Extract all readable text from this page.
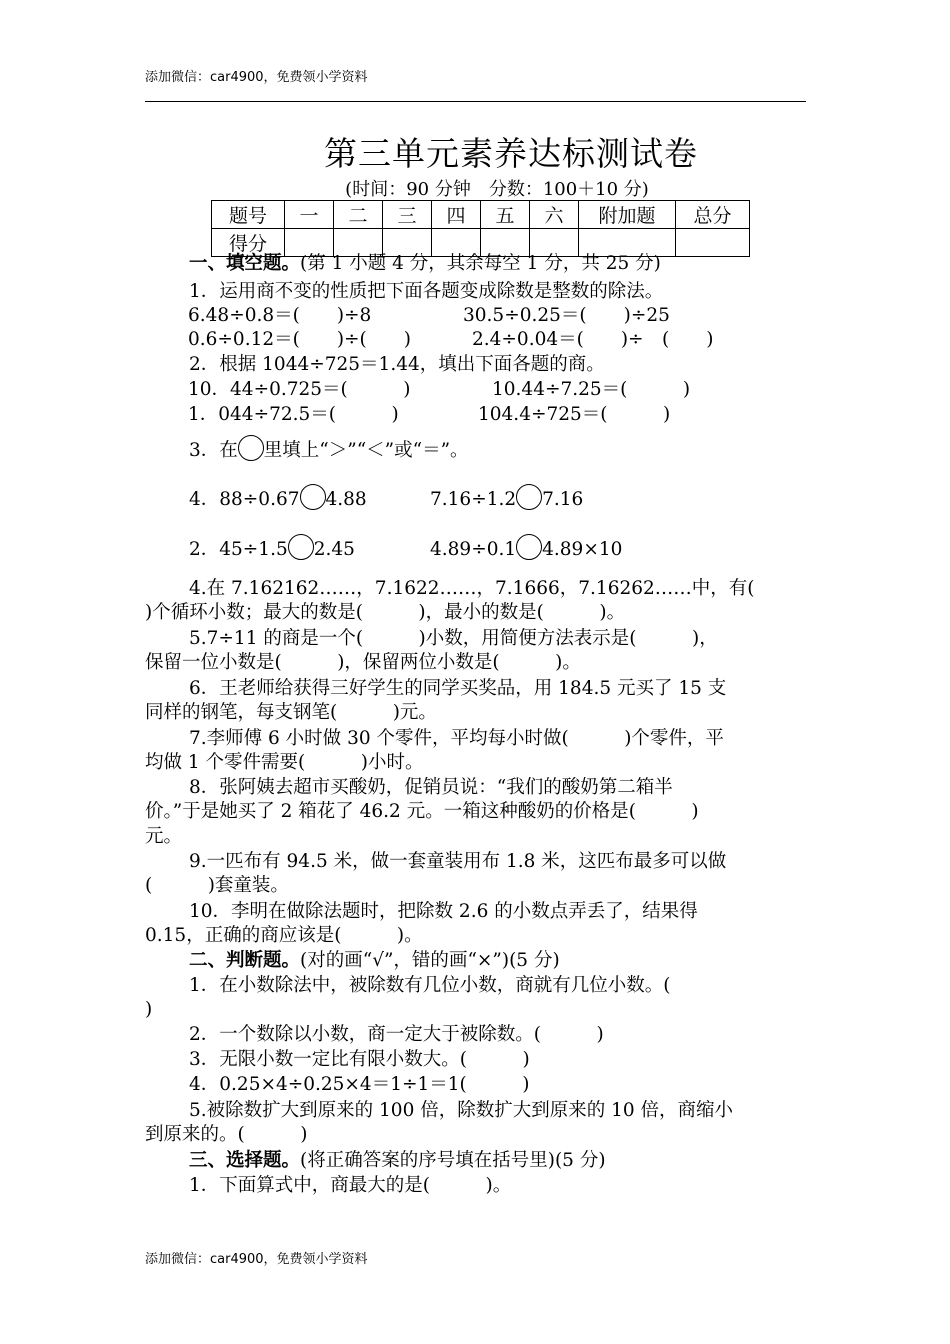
添加微信：car4900，免费领小学资料
第三单元素养达标测试卷
(时间：90 分钟　分数：100＋10 分)
题号	一	二	三	四	五	六	附加题	总分
得分								
一、填空题。(第 1 小题 4 分，其余每空 1 分，共 25 分)
1．运用商不变的性质把下面各题变成除数是整数的除法。
6.48÷0.8＝(　　)÷8	30.5÷0.25＝(　　)÷25
0.6÷0.12＝(　　)÷(　　)	2.4÷0.04＝(　　)÷　(　　)
2．根据 1044÷725＝1.44，填出下面各题的商。
10．44÷0.725＝(　　　)	10.44÷7.25＝(　　　)
1．044÷72.5＝(　　　)	104.4÷725＝(　　　)
3．在 里填上“＞”“＜”或“＝”。
4．88÷0.67 4.88	7.16÷1.2 7.16
2．45÷1.5 2.45	4.89÷0.1 4.89×10
4.在 7.162162……，7.1622……，7.1666，7.16262……中，有(
)个循环小数；最大的数是(　　　)，最小的数是(　　　)。
5.7÷11 的商是一个(　　　)小数，用简便方法表示是(　　　)，
保留一位小数是(　　　)，保留两位小数是(　　　)。
6．王老师给获得三好学生的同学买奖品，用 184.5 元买了 15 支
同样的钢笔，每支钢笔(　　　)元。
7.李师傅 6 小时做 30 个零件，平均每小时做(　　　)个零件，平
均做 1 个零件需要(　　　)小时。
8．张阿姨去超市买酸奶，促销员说：“我们的酸奶第二箱半
价。”于是她买了 2 箱花了 46.2 元。一箱这种酸奶的价格是(　　　)
元。
9.一匹布有 94.5 米，做一套童装用布 1.8 米，这匹布最多可以做
(　　　)套童装。
10．李明在做除法题时，把除数 2.6 的小数点弄丢了，结果得
0.15，正确的商应该是(　　　)。
二、判断题。(对的画“√”，错的画“×”)(5 分)
1．在小数除法中，被除数有几位小数，商就有几位小数。(
)
2．一个数除以小数，商一定大于被除数。(　　　)
3．无限小数一定比有限小数大。(　　　)
4．0.25×4÷0.25×4＝1÷1＝1(　　　)
5.被除数扩大到原来的 100 倍，除数扩大到原来的 10 倍，商缩小
到原来的。(　　　)
三、选择题。(将正确答案的序号填在括号里)(5 分)
1．下面算式中，商最大的是(　　　)。
添加微信：car4900，免费领小学资料
